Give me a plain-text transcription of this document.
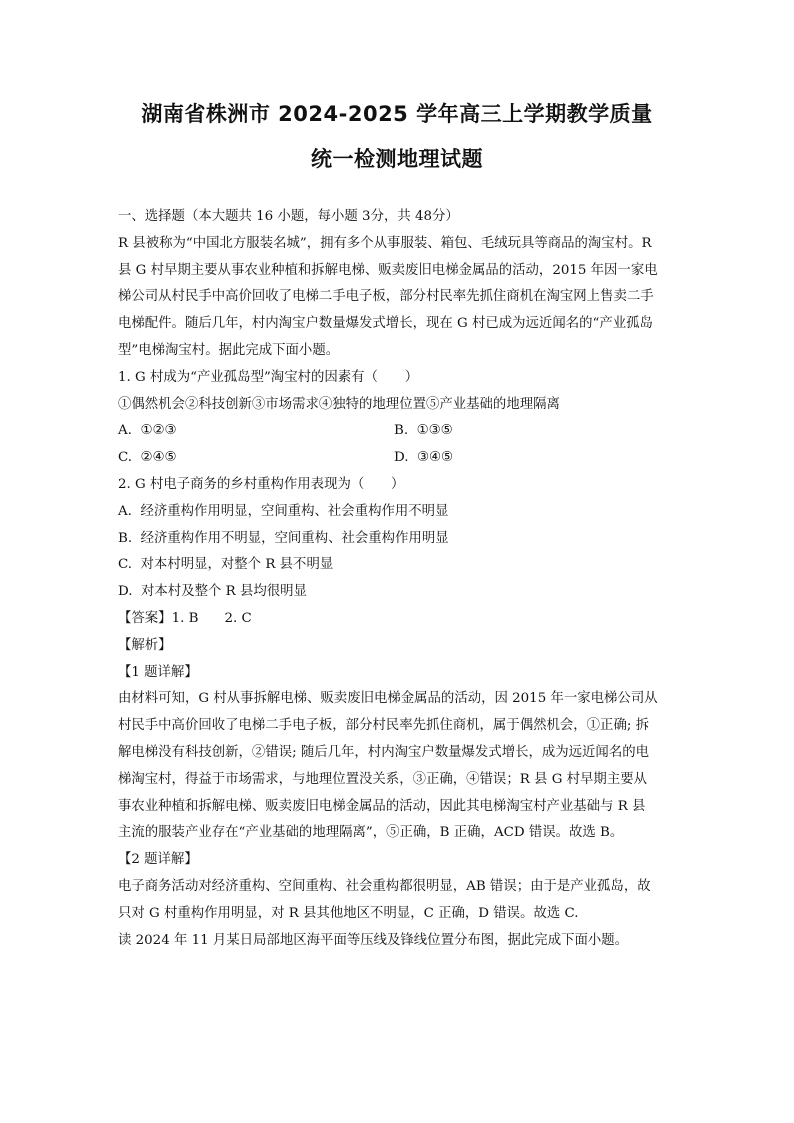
湖南省株洲市 2024-2025 学年高三上学期教学质量
统一检测地理试题
一、选择题（本大题共 16 小题，每小题 3分，共 48分）
R 县被称为“中国北方服装名城”，拥有多个从事服装、箱包、毛绒玩具等商品的淘宝村。R
县 G 村早期主要从事农业种植和拆解电梯、贩卖废旧电梯金属品的活动，2015 年因一家电
梯公司从村民手中高价回收了电梯二手电子板，部分村民率先抓住商机在淘宝网上售卖二手
电梯配件。随后几年，村内淘宝户数量爆发式增长，现在 G 村已成为远近闻名的“产业孤岛
型”电梯淘宝村。据此完成下面小题。
1. G 村成为“产业孤岛型”淘宝村的因素有（　　）
①偶然机会②科技创新③市场需求④独特的地理位置⑤产业基础的地理隔离
A. ①②③	B. ①③⑤
C. ②④⑤	D. ③④⑤
2. G 村电子商务的乡村重构作用表现为（　　）
A. 经济重构作用明显，空间重构、社会重构作用不明显
B. 经济重构作用不明显，空间重构、社会重构作用明显
C. 对本村明显，对整个 R 县不明显
D. 对本村及整个 R 县均很明显
【答案】1. B 2. C
【解析】
【1 题详解】
由材料可知，G 村从事拆解电梯、贩卖废旧电梯金属品的活动，因 2015 年一家电梯公司从
村民手中高价回收了电梯二手电子板，部分村民率先抓住商机，属于偶然机会，①正确; 拆
解电梯没有科技创新，②错误; 随后几年，村内淘宝户数量爆发式增长，成为远近闻名的电
梯淘宝村，得益于市场需求，与地理位置没关系，③正确，④错误；R 县 G 村早期主要从
事农业种植和拆解电梯、贩卖废旧电梯金属品的活动，因此其电梯淘宝村产业基础与 R 县
主流的服装产业存在“产业基础的地理隔离”，⑤正确，B 正确，ACD 错误。故选 B。
【2 题详解】
电子商务活动对经济重构、空间重构、社会重构都很明显，AB 错误；由于是产业孤岛，故
只对 G 村重构作用明显，对 R 县其他地区不明显，C 正确，D 错误。故选 C.
读 2024 年 11 月某日局部地区海平面等压线及锋线位置分布图，据此完成下面小题。
